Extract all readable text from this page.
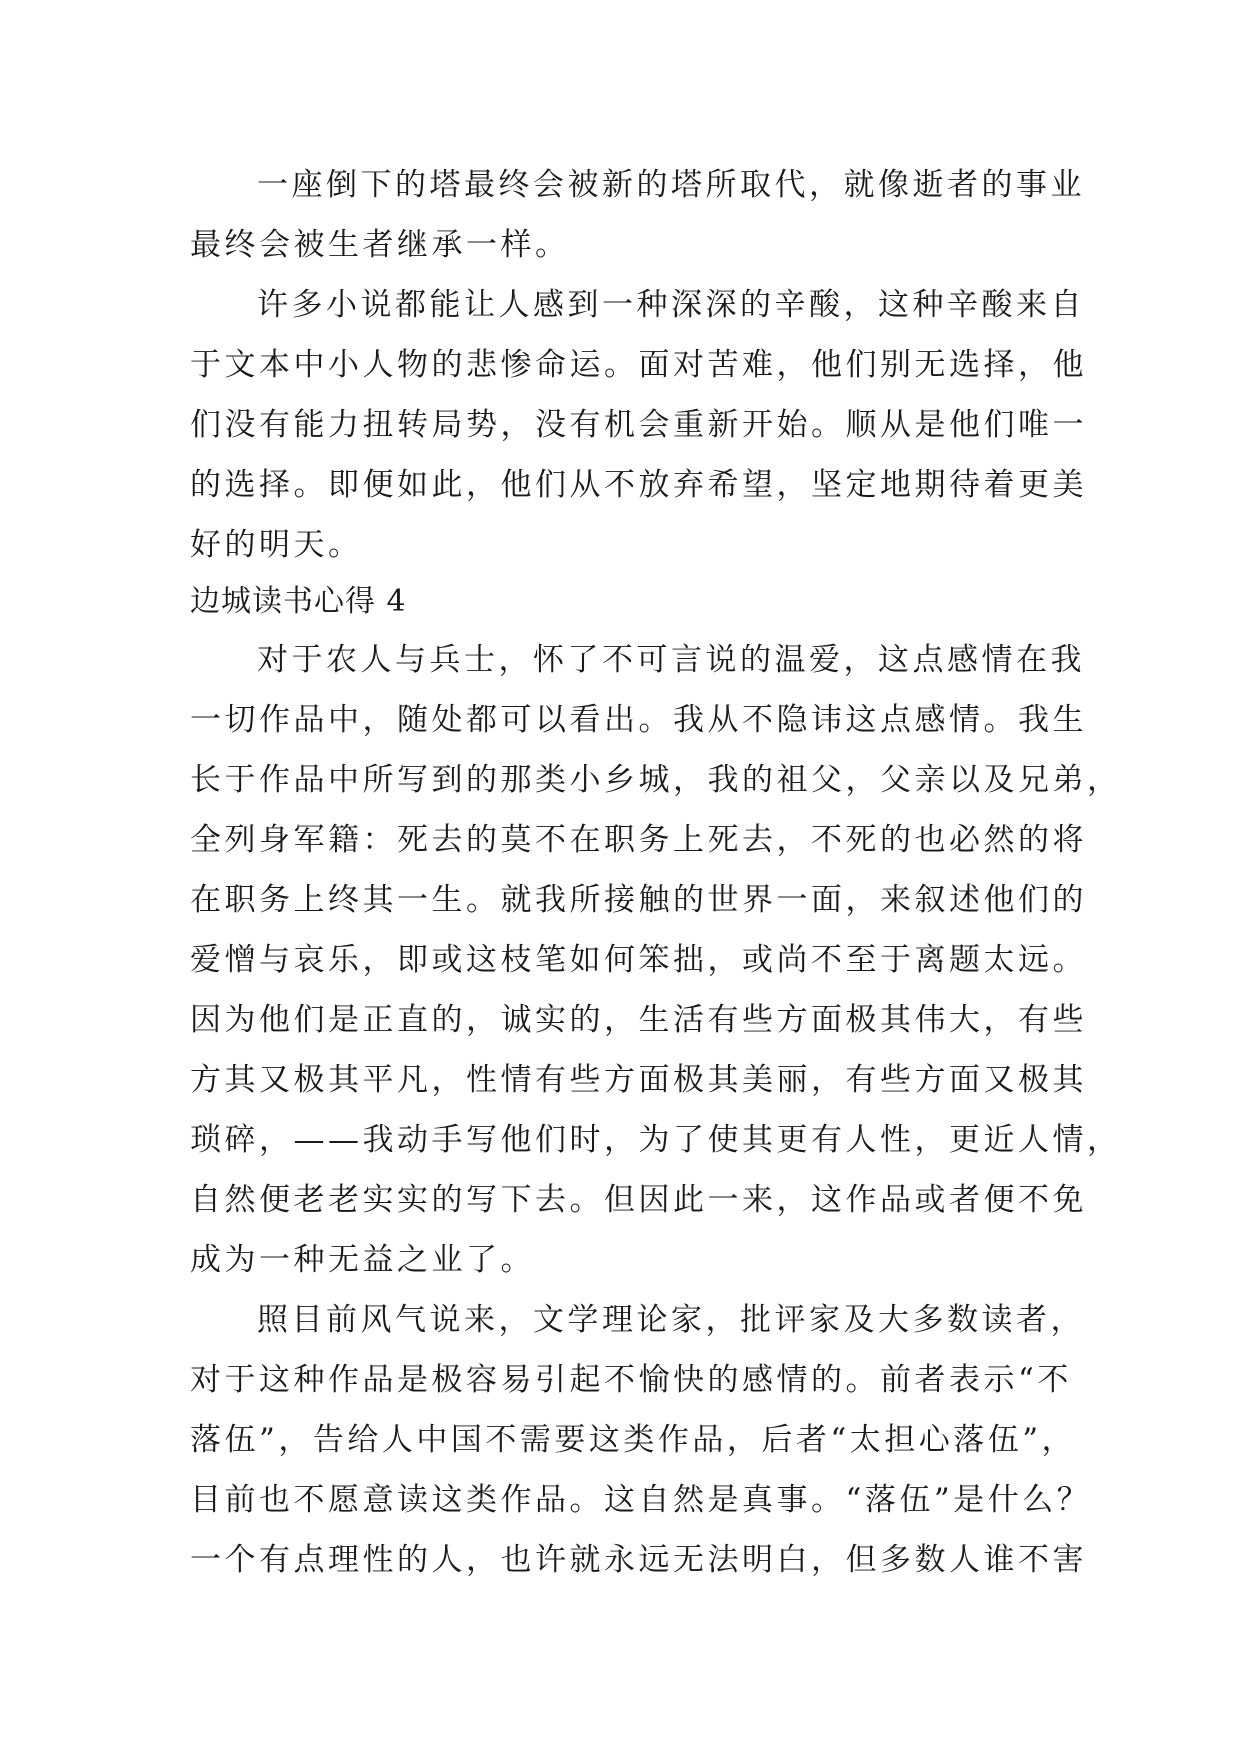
一座倒下的塔最终会被新的塔所取代，就像逝者的事业
最终会被生者继承一样。
许多小说都能让人感到一种深深的辛酸，这种辛酸来自
于文本中小人物的悲惨命运。面对苦难，他们别无选择，他
们没有能力扭转局势，没有机会重新开始。顺从是他们唯一
的选择。即便如此，他们从不放弃希望，坚定地期待着更美
好的明天。
边城读书心得 4
对于农人与兵士，怀了不可言说的温爱，这点感情在我
一切作品中，随处都可以看出。我从不隐讳这点感情。我生
长于作品中所写到的那类小乡城，我的祖父，父亲以及兄弟，
全列身军籍：死去的莫不在职务上死去，不死的也必然的将
在职务上终其一生。就我所接触的世界一面，来叙述他们的
爱憎与哀乐，即或这枝笔如何笨拙，或尚不至于离题太远。
因为他们是正直的，诚实的，生活有些方面极其伟大，有些
方其又极其平凡，性情有些方面极其美丽，有些方面又极其
琐碎，——我动手写他们时，为了使其更有人性，更近人情，
自然便老老实实的写下去。但因此一来，这作品或者便不免
成为一种无益之业了。
照目前风气说来，文学理论家，批评家及大多数读者，
对于这种作品是极容易引起不愉快的感情的。前者表示“不
落伍”，告给人中国不需要这类作品，后者“太担心落伍”，
目前也不愿意读这类作品。这自然是真事。“落伍”是什么？
一个有点理性的人，也许就永远无法明白，但多数人谁不害
